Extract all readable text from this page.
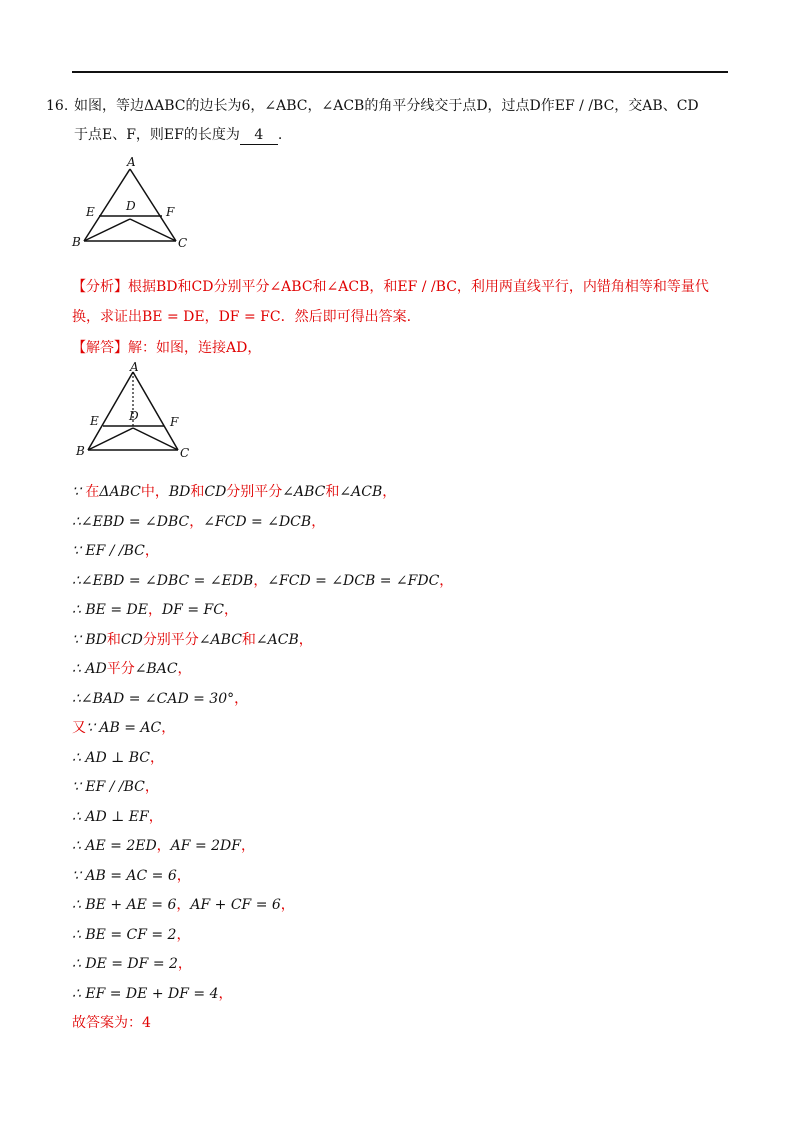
16. 如图，等边ΔABC的边长为6，∠ABC，∠ACB的角平分线交于点D，过点D作EF / /BC，交AB、CD
于点E、F，则EF的长度为 4 .
A
E	D	F
B	C
【分析】根据BD和CD分别平分∠ABC和∠ACB，和EF / /BC，利用两直线平行，内错角相等和等量代换，求证出BE = DE，DF = FC．然后即可得出答案.
【解答】解：如图，连接AD，
A
E	D	F
B	C
∵ 在ΔABC中，BD和CD分别平分∠ABC和∠ACB，
∴∠EBD = ∠DBC，∠FCD = ∠DCB，
∵ EF / /BC，
∴∠EBD = ∠DBC = ∠EDB，∠FCD = ∠DCB = ∠FDC，
∴ BE = DE，DF = FC，
∵ BD和CD分别平分∠ABC和∠ACB，
∴ AD平分∠BAC，
∴∠BAD = ∠CAD = 30°，
又∵ AB = AC，
∴ AD ⊥ BC，
∵ EF / /BC，
∴ AD ⊥ EF，
∴ AE = 2ED，AF = 2DF，
∵ AB = AC = 6，
∴ BE + AE = 6，AF + CF = 6，
∴ BE = CF = 2，
∴ DE = DF = 2，
∴ EF = DE + DF = 4，
故答案为：4
